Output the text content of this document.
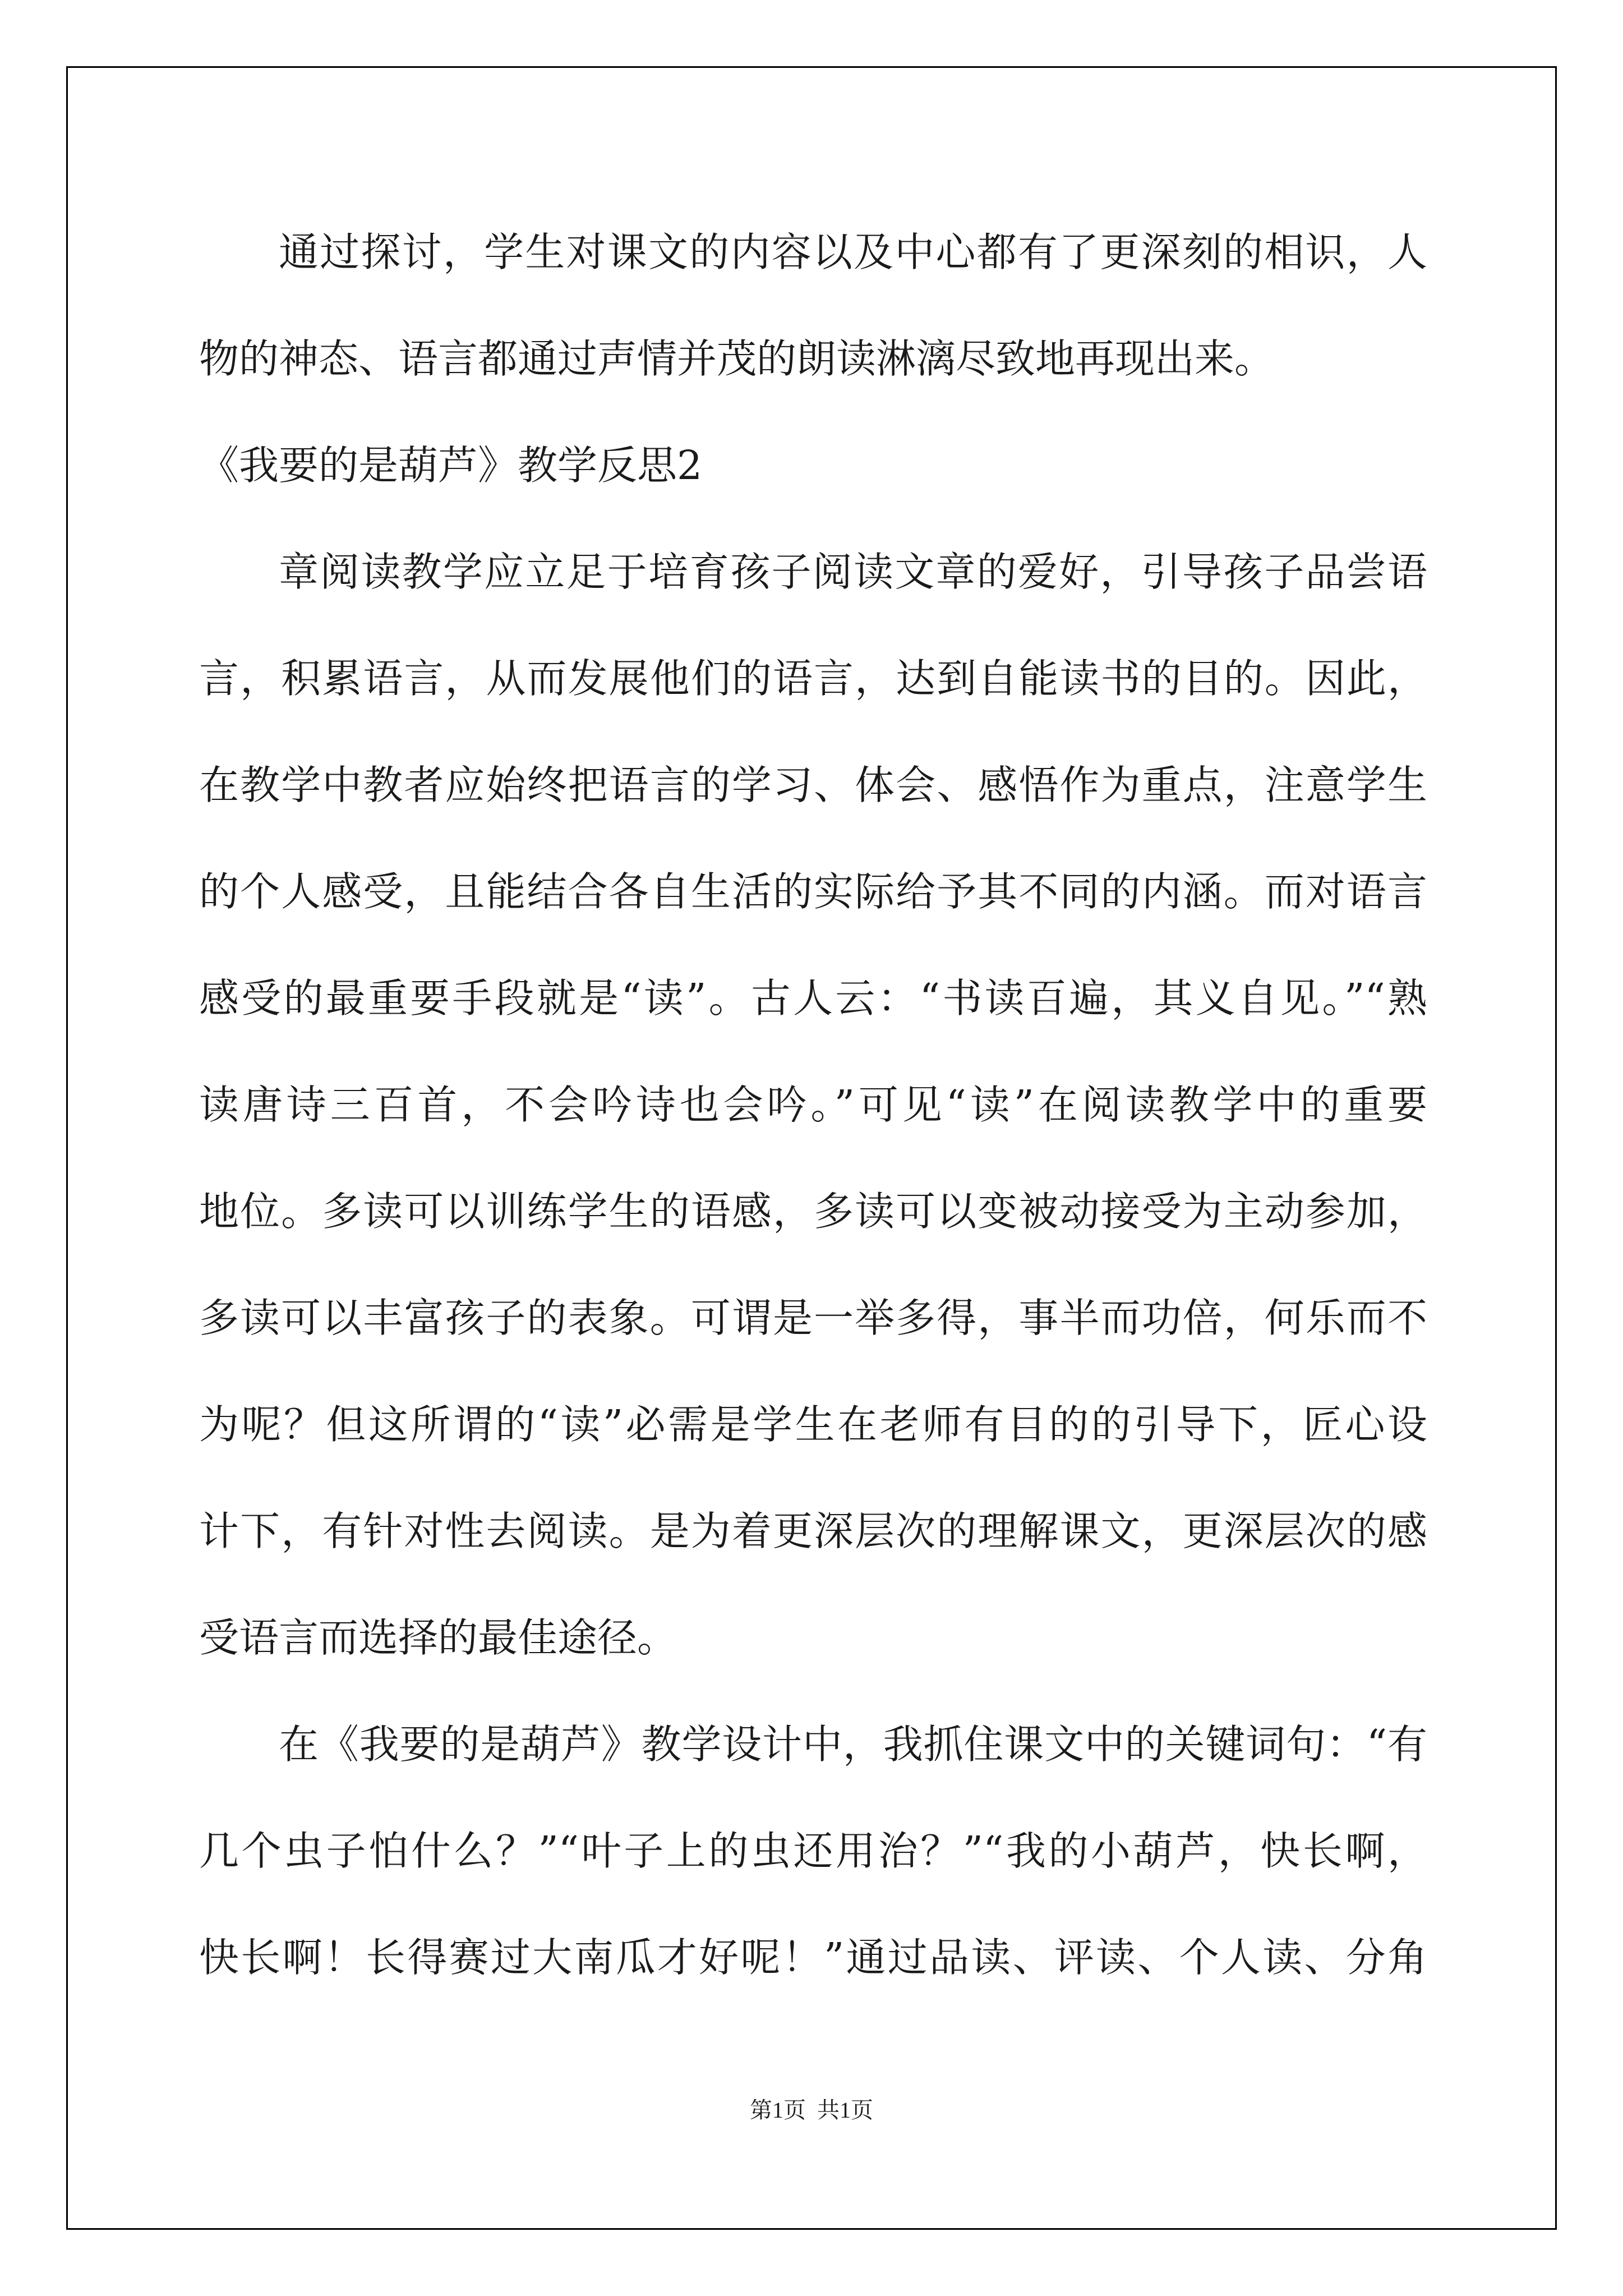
通过探讨，学生对课文的内容以及中心都有了更深刻的相识，人
物的神态、语言都通过声情并茂的朗读淋漓尽致地再现出来。
《我要的是葫芦》教学反思2
章阅读教学应立足于培育孩子阅读文章的爱好，引导孩子品尝语
言，积累语言，从而发展他们的语言，达到自能读书的目的。因此，
在教学中教者应始终把语言的学习、体会、感悟作为重点，注意学生
的个人感受，且能结合各自生活的实际给予其不同的内涵。而对语言
感受的最重要手段就是“读”。古人云：“书读百遍，其义自见。”“熟
读唐诗三百首，不会吟诗也会吟。”可见“读”在阅读教学中的重要
地位。多读可以训练学生的语感，多读可以变被动接受为主动参加，
多读可以丰富孩子的表象。可谓是一举多得，事半而功倍，何乐而不
为呢？但这所谓的“读”必需是学生在老师有目的的引导下，匠心设
计下，有针对性去阅读。是为着更深层次的理解课文，更深层次的感
受语言而选择的最佳途径。
在《我要的是葫芦》教学设计中，我抓住课文中的关键词句：“有
几个虫子怕什么？”“叶子上的虫还用治？”“我的小葫芦，快长啊，
快长啊！长得赛过大南瓜才好呢！”通过品读、评读、个人读、分角
第1页  共1页
